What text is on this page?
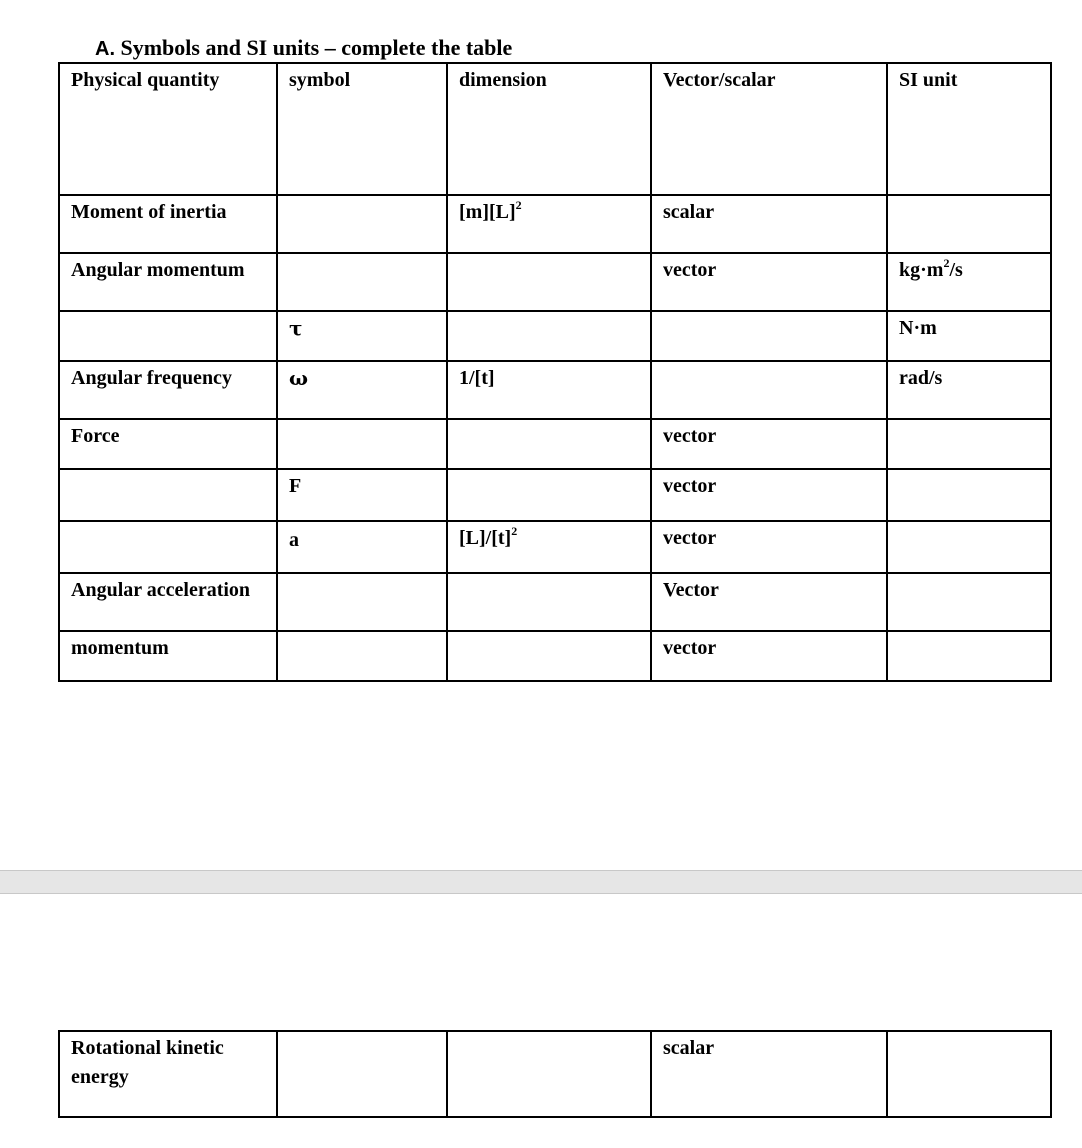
A. Symbols and SI units – complete the table
Physical quantity	symbol	dimension	Vector/scalar	SI unit
Moment of inertia		$[m][L]^2$	scalar	
Angular momentum			vector	$kg\cdot m^2/s$
	τ			N·m
Angular frequency	ω	1/[t]		rad/s
Force			vector	
	F		vector	
	a	$[L]/[t]^2$	vector	
Angular acceleration			Vector	
momentum			vector	
Rotational kinetic energy			scalar	
